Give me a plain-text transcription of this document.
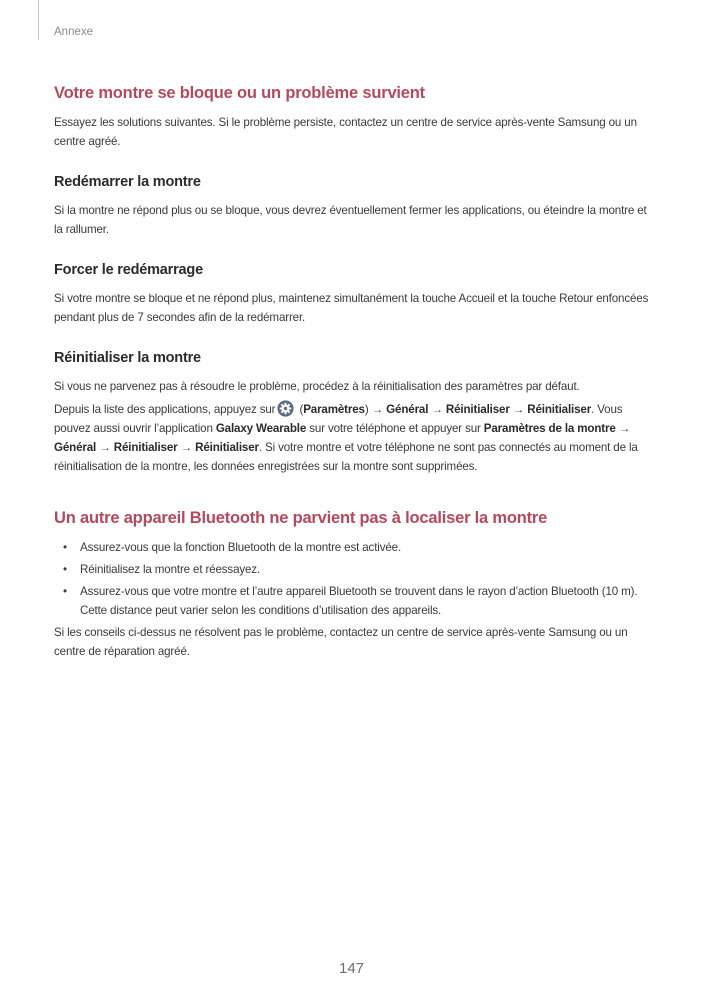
Annexe
Votre montre se bloque ou un problème survient

Essayez les solutions suivantes. Si le problème persiste, contactez un centre de service après-vente Samsung ou un centre agréé.

Redémarrer la montre

Si la montre ne répond plus ou se bloque, vous devrez éventuellement fermer les applications, ou éteindre la montre et la rallumer.

Forcer le redémarrage

Si votre montre se bloque et ne répond plus, maintenez simultanément la touche Accueil et la touche Retour enfoncées pendant plus de 7 secondes afin de la redémarrer.

Réinitialiser la montre

Si vous ne parvenez pas à résoudre le problème, procédez à la réinitialisation des paramètres par défaut.

Depuis la liste des applications, appuyez sur (Paramètres) → Général → Réinitialiser → Réinitialiser. Vous pouvez aussi ouvrir l’application Galaxy Wearable sur votre téléphone et appuyer sur Paramètres de la montre → Général → Réinitialiser → Réinitialiser. Si votre montre et votre téléphone ne sont pas connectés au moment de la réinitialisation de la montre, les données enregistrées sur la montre sont supprimées.

Un autre appareil Bluetooth ne parvient pas à localiser la montre
• Assurez-vous que la fonction Bluetooth de la montre est activée.
• Réinitialisez la montre et réessayez.
• Assurez-vous que votre montre et l’autre appareil Bluetooth se trouvent dans le rayon d’action Bluetooth (10 m). Cette distance peut varier selon les conditions d’utilisation des appareils.

Si les conseils ci-dessus ne résolvent pas le problème, contactez un centre de service après-vente Samsung ou un centre de réparation agréé.

147
